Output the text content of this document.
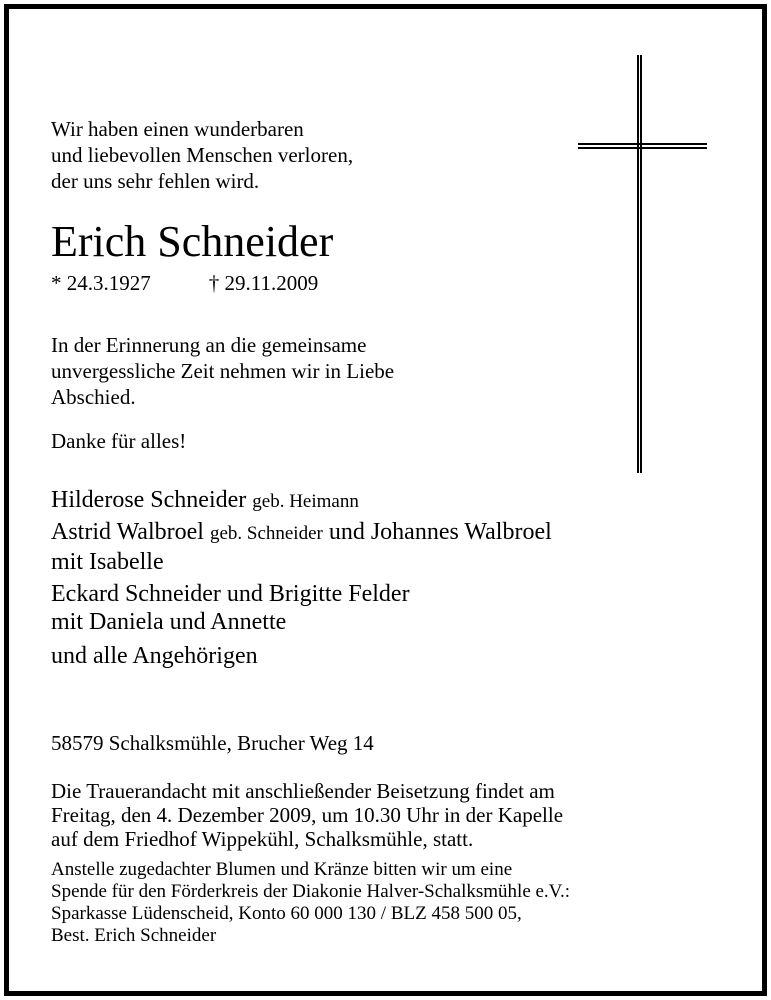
Wir haben einen wunderbaren
und liebevollen Menschen verloren,
der uns sehr fehlen wird.
Erich Schneider
* 24.3.1927	† 29.11.2009
In der Erinnerung an die gemeinsame
unvergessliche Zeit nehmen wir in Liebe
Abschied.
Danke für alles!
Hilderose Schneider geb. Heimann
Astrid Walbroel geb. Schneider und Johannes Walbroel
mit Isabelle
Eckard Schneider und Brigitte Felder
mit Daniela und Annette
und alle Angehörigen
58579 Schalksmühle, Brucher Weg 14
Die Trauerandacht mit anschließender Beisetzung findet am
Freitag, den 4. Dezember 2009, um 10.30 Uhr in der Kapelle
auf dem Friedhof Wippekühl, Schalksmühle, statt.
Anstelle zugedachter Blumen und Kränze bitten wir um eine
Spende für den Förderkreis der Diakonie Halver-Schalksmühle e.V.:
Sparkasse Lüdenscheid, Konto 60 000 130 / BLZ 458 500 05,
Best. Erich Schneider
